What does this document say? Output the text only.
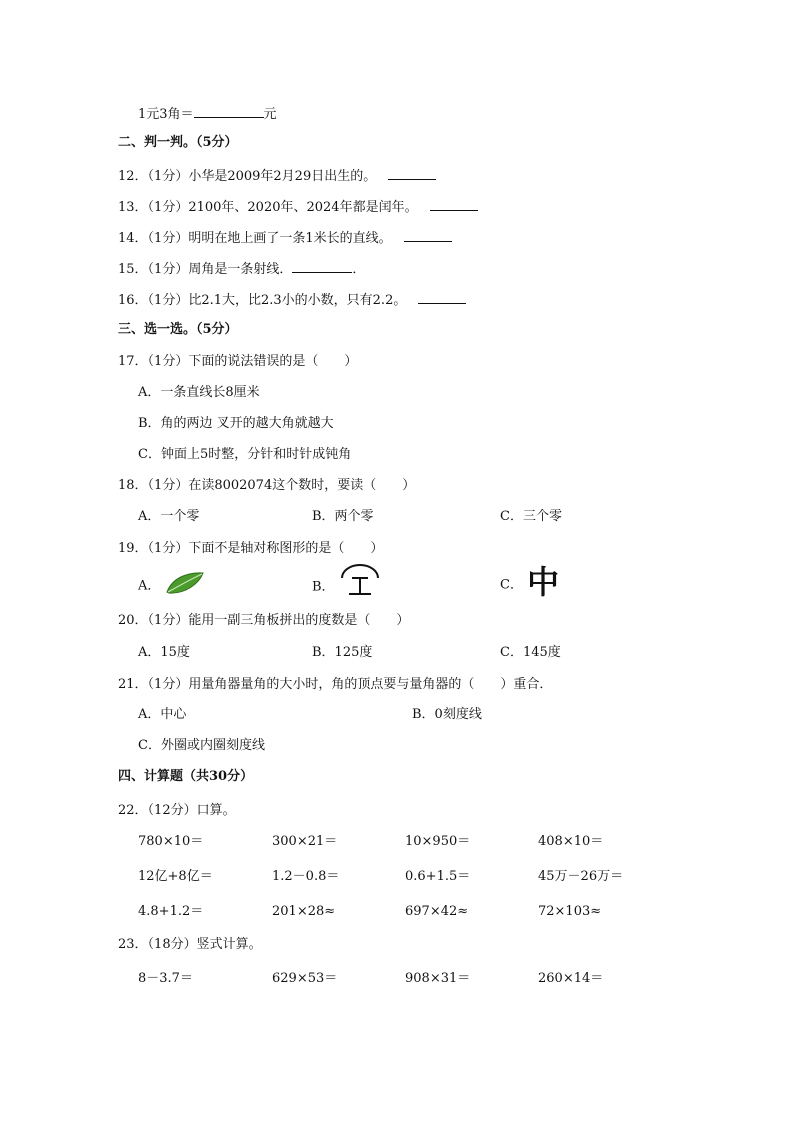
1元3角＝	元
二、判一判。（5分）
12．（1分）小华是2009年2月29日出生的。
13．（1分）2100年、2020年、2024年都是闰年。
14．（1分）明明在地上画了一条1米长的直线。
15．（1分）周角是一条射线．	．
16．（1分）比2.1大，比2.3小的小数，只有2.2。
三、选一选。（5分）
17．（1分）下面的说法错误的是（　　）
A．一条直线长8厘米
B．角的两边 叉开的越大角就越大
C．钟面上5时整，分针和时针成钝角
18．（1分）在读8002074这个数时，要读（　　）
A．一个零	B．两个零	C．三个零
19．（1分）下面不是轴对称图形的是（　　）
A．	B．	C． 中
20．（1分）能用一副三角板拼出的度数是（　　）
A．15度	B．125度	C．145度
21．（1分）用量角器量角的大小时，角的顶点要与量角器的（　　）重合．
A．中心	B．0刻度线
C．外圈或内圈刻度线
四、计算题（共30分）
22．（12分）口算。
780×10＝	300×21＝	10×950＝	408×10＝
12亿+8亿＝	1.2－0.8＝	0.6+1.5＝	45万－26万＝
4.8+1.2＝	201×28≈	697×42≈	72×103≈
23．（18分）竖式计算。
8－3.7＝	629×53＝	908×31＝	260×14＝
